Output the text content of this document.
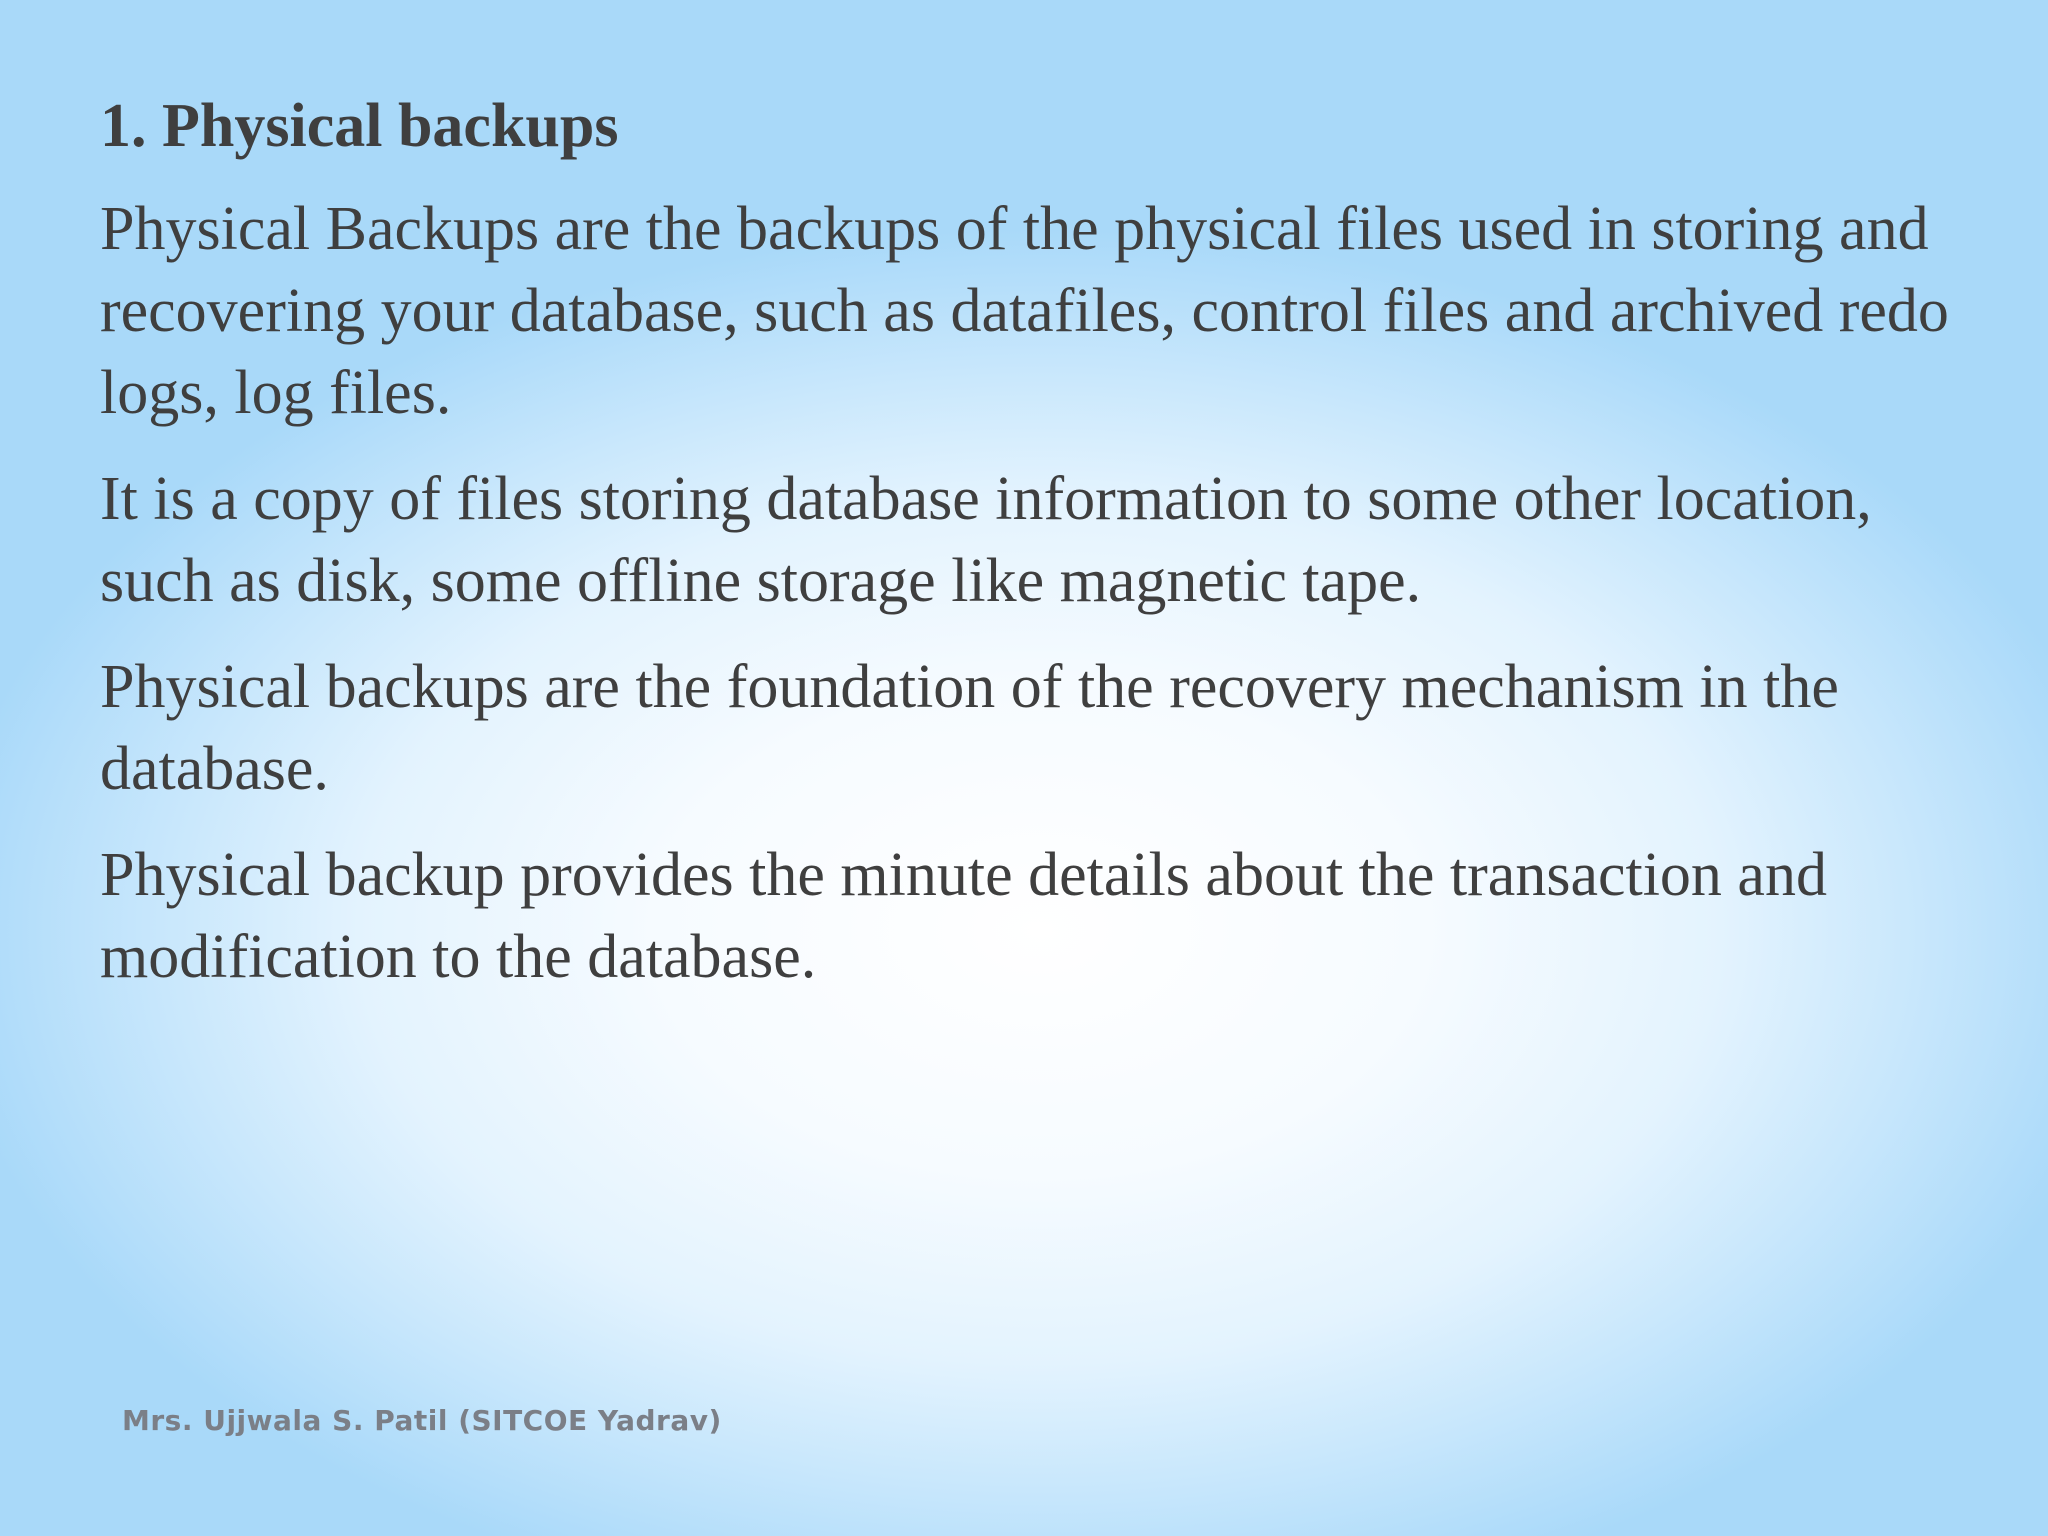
1. Physical backups

Physical Backups are the backups of the physical files used in storing and recovering your database, such as datafiles, control files and archived redo logs, log files.

It is a copy of files storing database information to some other location, such as disk, some offline storage like magnetic tape.

Physical backups are the foundation of the recovery mechanism in the database.

Physical backup provides the minute details about the transaction and modification to the database.

Mrs. Ujjwala S. Patil (SITCOE Yadrav)
